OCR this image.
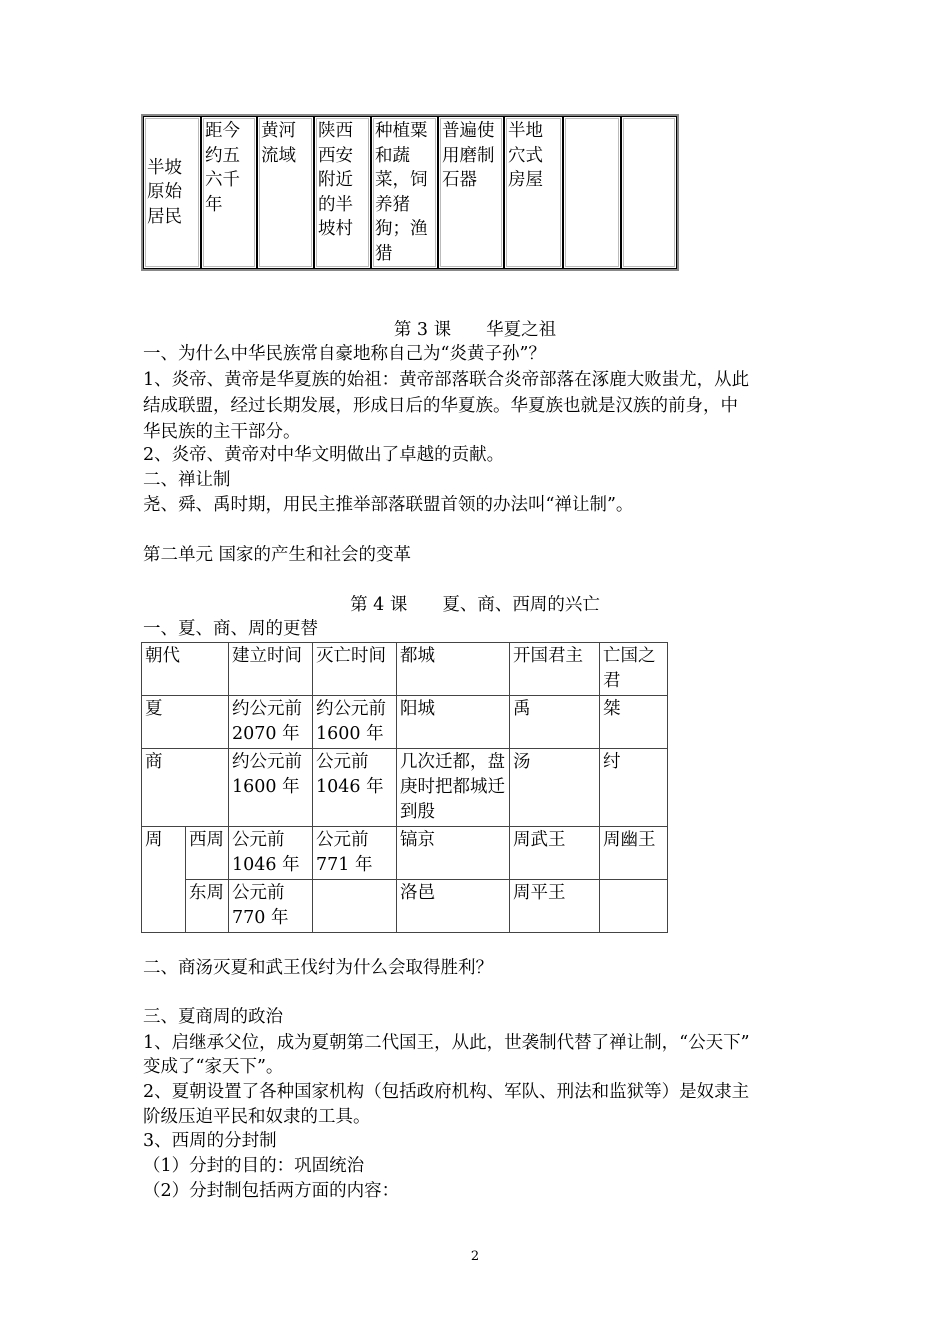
半坡原始居民	距今约五六千年	黄河流域	陕西西安附近的半坡村	种植粟和蔬菜，饲养猪狗；渔猎	普遍使用磨制石器	半地穴式房屋		
第 3 课　　华夏之祖
一、为什么中华民族常自豪地称自己为“炎黄子孙”？
1、炎帝、黄帝是华夏族的始祖：黄帝部落联合炎帝部落在涿鹿大败蚩尤，从此
结成联盟，经过长期发展，形成日后的华夏族。华夏族也就是汉族的前身，中
华民族的主干部分。
2、炎帝、黄帝对中华文明做出了卓越的贡献。
二、禅让制
尧、舜、禹时期，用民主推举部落联盟首领的办法叫“禅让制”。
第二单元 国家的产生和社会的变革
第 4 课　　夏、商、西周的兴亡
一、夏、商、周的更替
朝代		建立时间	灭亡时间	都城	开国君主	亡国之君
夏		约公元前 2070 年	约公元前 1600 年	阳城	禹	桀
商		约公元前 1600 年	公元前 1046 年	几次迁都，盘庚时把都城迁到殷	汤	纣
周	西周	公元前 1046 年	公元前 771 年	镐京	周武王	周幽王
	东周	公元前 770 年		洛邑	周平王	
二、商汤灭夏和武王伐纣为什么会取得胜利？
三、夏商周的政治
1、启继承父位，成为夏朝第二代国王，从此，世袭制代替了禅让制，“公天下”
变成了“家天下”。
2、夏朝设置了各种国家机构（包括政府机构、军队、刑法和监狱等）是奴隶主
阶级压迫平民和奴隶的工具。
3、西周的分封制
（1）分封的目的：巩固统治
（2）分封制包括两方面的内容：
2
